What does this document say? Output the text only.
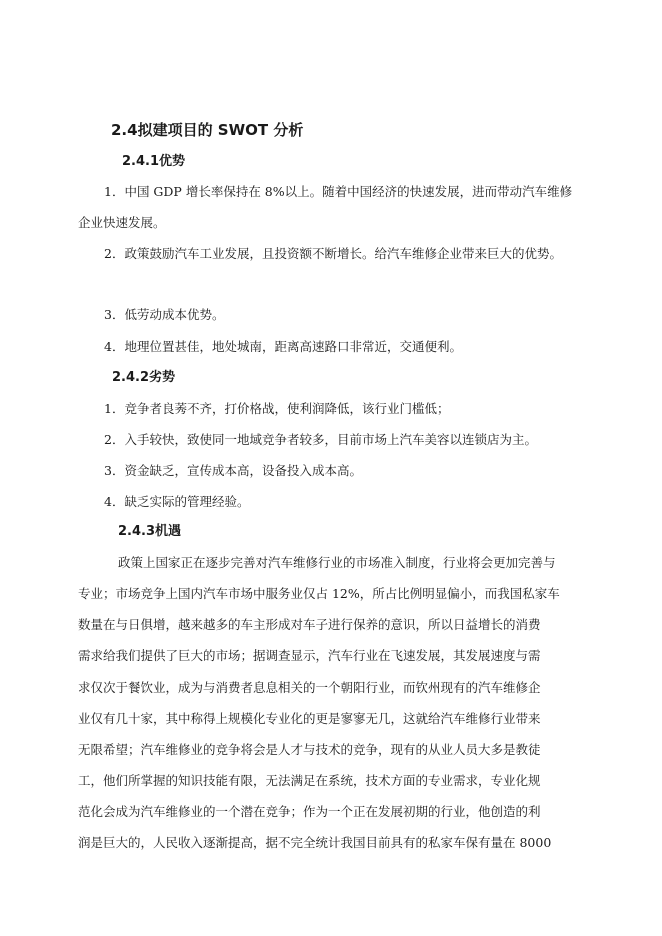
2.4拟建项目的 SWOT 分析
2.4.1优势
1．中国 GDP 增长率保持在 8%以上。随着中国经济的快速发展，进而带动汽车维修
企业快速发展。
2．政策鼓励汽车工业发展，且投资额不断增长。给汽车维修企业带来巨大的优势。
3．低劳动成本优势。
4．地理位置甚佳，地处城南，距离高速路口非常近，交通便利。
2.4.2劣势
1．竞争者良莠不齐，打价格战，使利润降低，该行业门槛低；
2．入手较快，致使同一地域竞争者较多，目前市场上汽车美容以连锁店为主。
3．资金缺乏，宣传成本高，设备投入成本高。
4．缺乏实际的管理经验。
2.4.3机遇
政策上国家正在逐步完善对汽车维修行业的市场准入制度，行业将会更加完善与
专业；市场竞争上国内汽车市场中服务业仅占 12%，所占比例明显偏小，而我国私家车
数量在与日俱增，越来越多的车主形成对车子进行保养的意识，所以日益增长的消费
需求给我们提供了巨大的市场；据调查显示，汽车行业在飞速发展，其发展速度与需
求仅次于餐饮业，成为与消费者息息相关的一个朝阳行业，而钦州现有的汽车维修企
业仅有几十家，其中称得上规模化专业化的更是寥寥无几，这就给汽车维修行业带来
无限希望；汽车维修业的竞争将会是人才与技术的竞争，现有的从业人员大多是教徒
工，他们所掌握的知识技能有限，无法满足在系统，技术方面的专业需求，专业化规
范化会成为汽车维修业的一个潜在竞争；作为一个正在发展初期的行业，他创造的利
润是巨大的，人民收入逐渐提高，据不完全统计我国目前具有的私家车保有量在 8000
